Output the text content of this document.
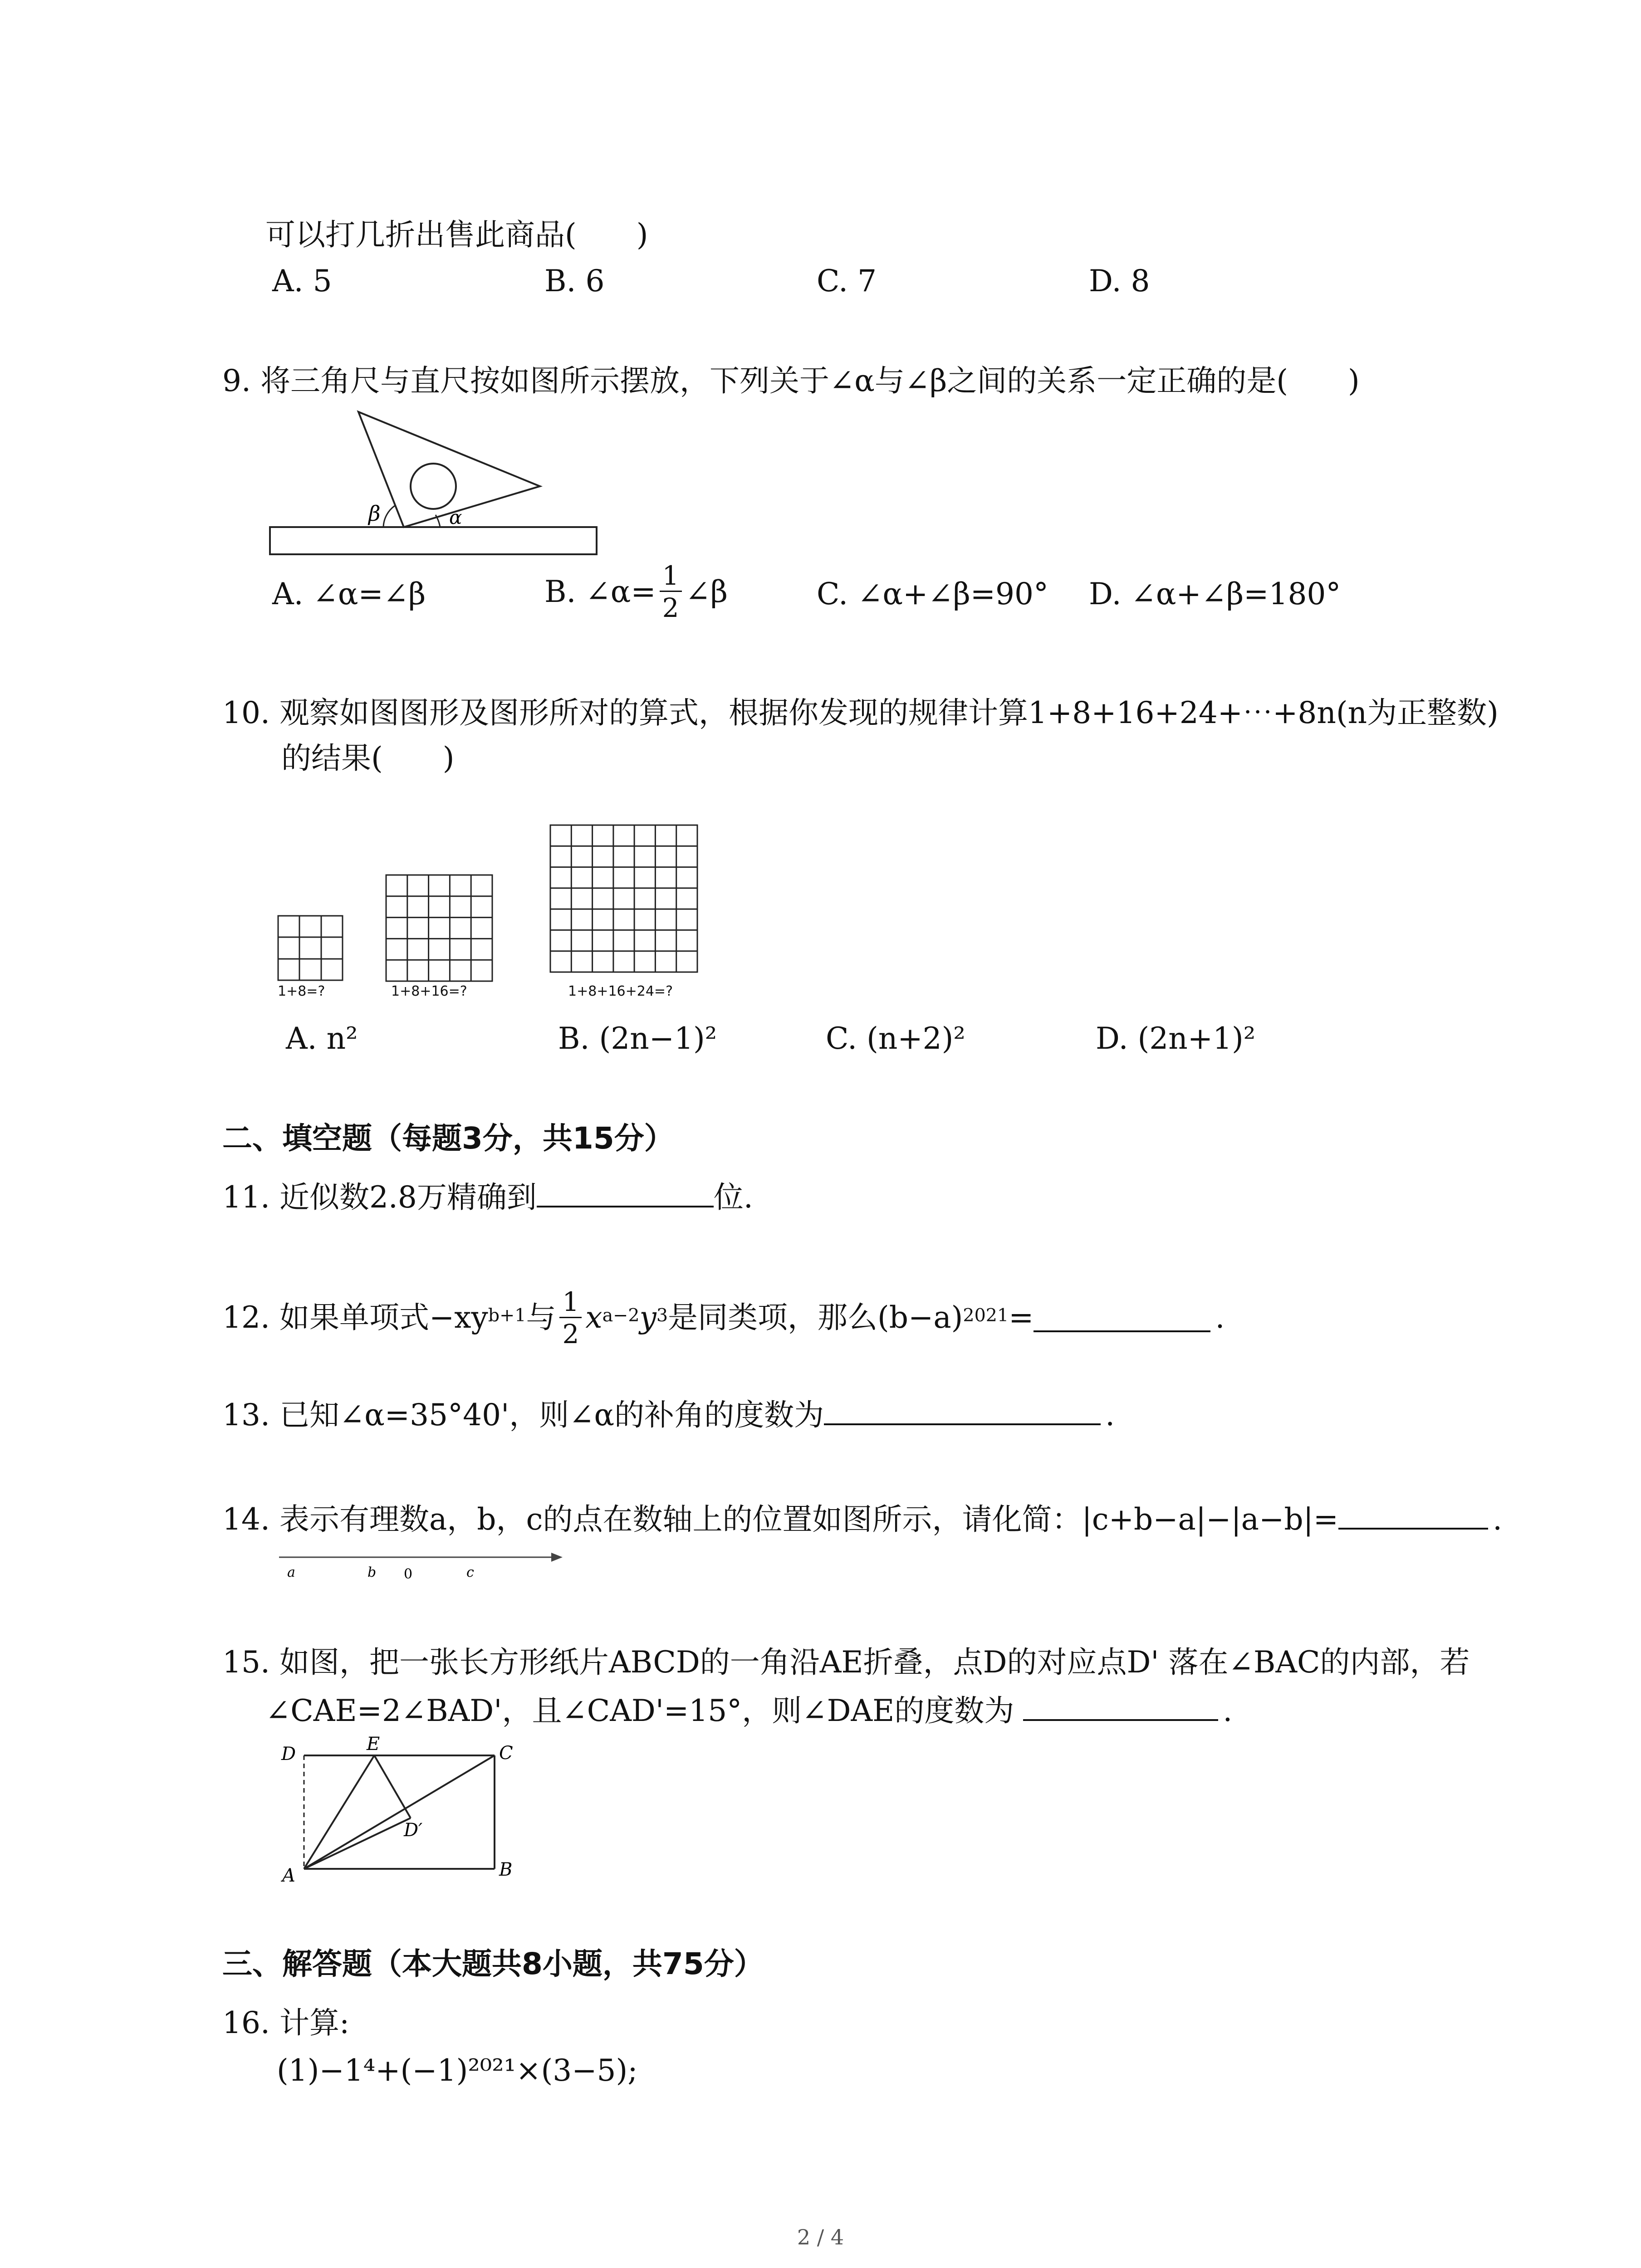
可以打几折出售此商品(　　)
A. 5	B. 6	C. 7	D. 8
9. 将三角尺与直尺按如图所示摆放，下列关于∠α与∠β之间的关系一定正确的是(　　)
β	α
A. ∠α=∠β	B. ∠α= $\frac{1}{2}$ ∠β	C. ∠α+∠β=90° D. ∠α+∠β=180°
10. 观察如图图形及图形所对的算式，根据你发现的规律计算1+8+16+24+⋯+8n(n为正整数)
的结果(　　)
1+8=?	1+8+16=?	1+8+16+24=?
A. n²	B. (2n−1)²	C. (n+2)²	D. (2n+1)²
二、填空题（每题3分，共15分）
11. 近似数2.8万精确到	位.
12. 如果单项式−xy b+1 与 $\frac{1}{2}$ x a−2 y 3 是同类项，那么(b−a) 2021 =	.
13. 已知∠α=35°40'，则∠α的补角的度数为	.
14. 表示有理数a，b，c的点在数轴上的位置如图所示，请化简：|c+b−a|−|a−b|=	.
a	b 0	c
15. 如图，把一张长方形纸片ABCD的一角沿AE折叠，点D的对应点D' 落在∠BAC的内部，若
∠CAE=2∠BAD'，且∠CAD'=15°，则∠DAE的度数为	.
D	E	C
D′
A	B
三、解答题（本大题共8小题，共75分）
16. 计算:
(1)−1⁴+(−1)²⁰²¹×(3−5);
2 / 4
